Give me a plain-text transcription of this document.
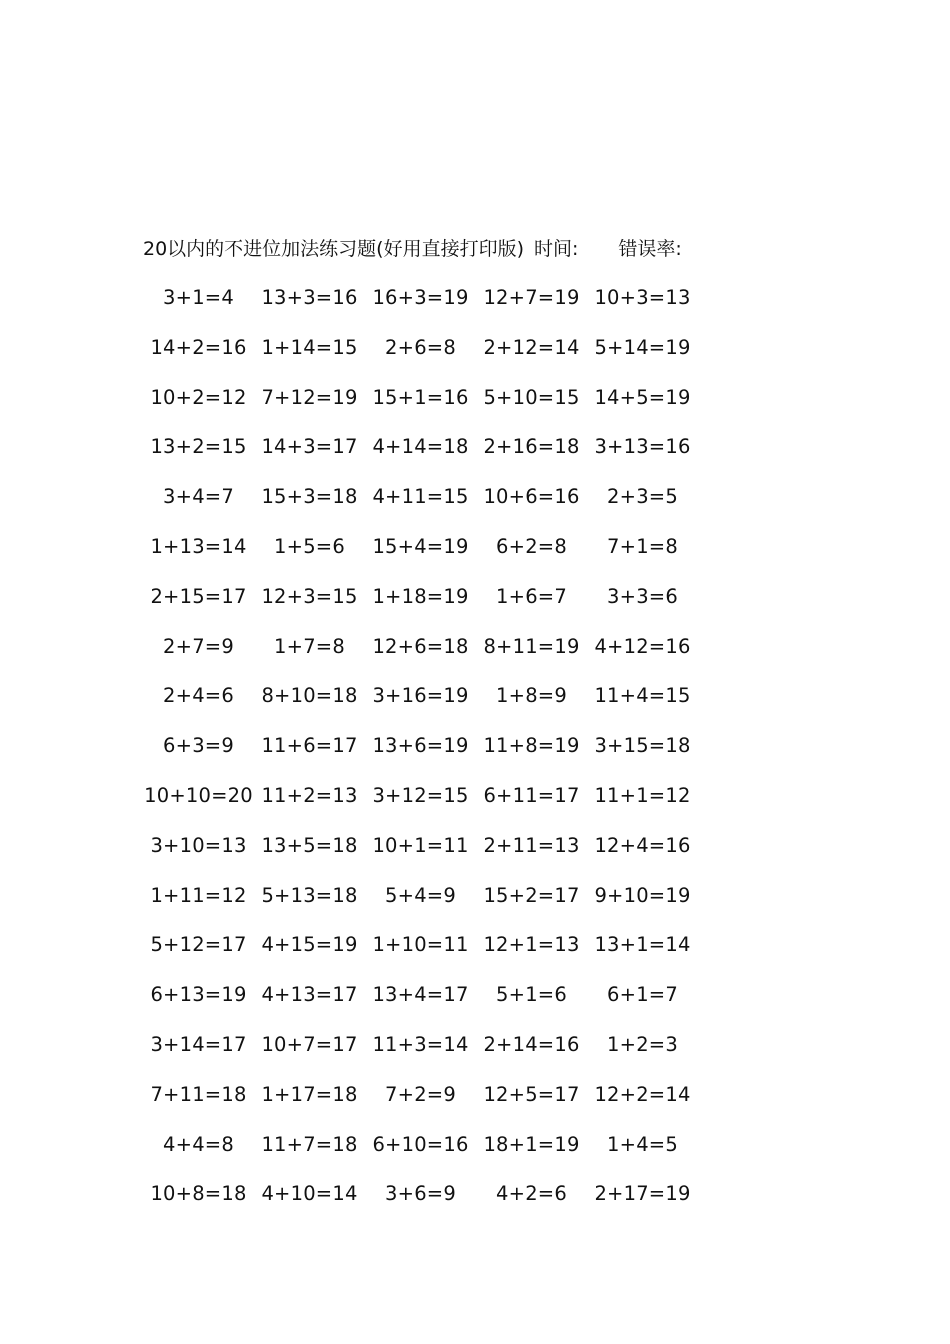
20以内的不进位加法练习题(好用直接打印版) 时间: 错误率:
3+1=4	13+3=16 16+3=19 12+7=19 10+3=13
14+2=16 1+14=15	2+6=8	2+12=14 5+14=19
10+2=12 7+12=19 15+1=16 5+10=15 14+5=19
13+2=15 14+3=17 4+14=18 2+16=18 3+13=16
3+4=7	15+3=18 4+11=15 10+6=16	2+3=5
1+13=14	1+5=6	15+4=19	6+2=8	7+1=8
2+15=17 12+3=15 1+18=19	1+6=7	3+3=6
2+7=9	1+7=8	12+6=18 8+11=19 4+12=16
2+4=6	8+10=18 3+16=19	1+8=9	11+4=15
6+3=9	11+6=17 13+6=19 11+8=19 3+15=18
10+10=20 11+2=13 3+12=15 6+11=17 11+1=12
3+10=13 13+5=18 10+1=11 2+11=13 12+4=16
1+11=12 5+13=18	5+4=9	15+2=17 9+10=19
5+12=17 4+15=19 1+10=11 12+1=13 13+1=14
6+13=19 4+13=17 13+4=17	5+1=6	6+1=7
3+14=17 10+7=17 11+3=14 2+14=16	1+2=3
7+11=18 1+17=18	7+2=9	12+5=17 12+2=14
4+4=8	11+7=18 6+10=16 18+1=19	1+4=5
10+8=18 4+10=14	3+6=9	4+2=6	2+17=19
